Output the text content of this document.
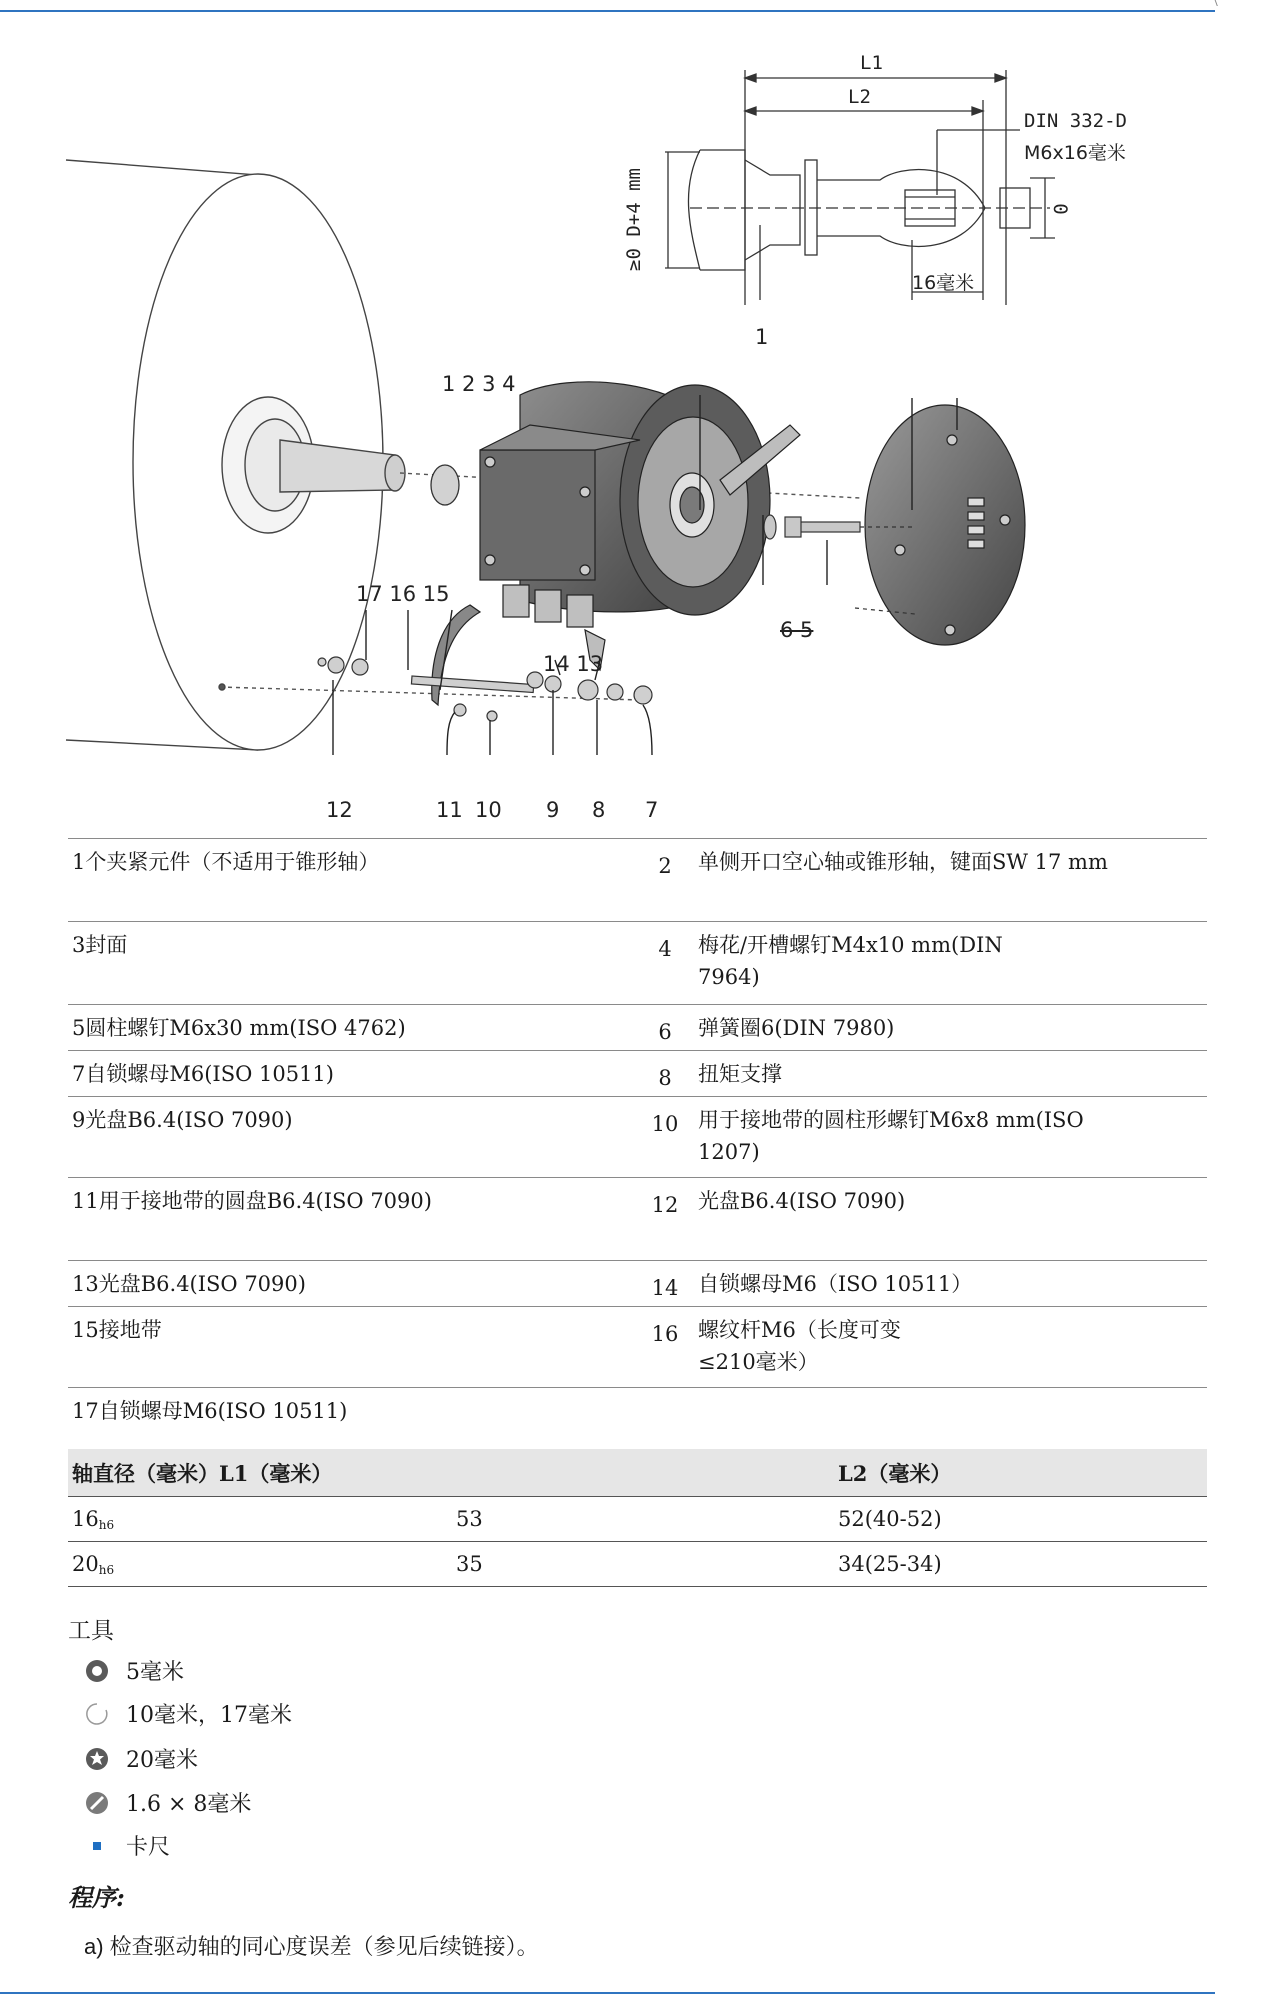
L1
L2
DIN 332-D
M6x16毫米
≥0 D+4 mm	0
16毫米
1
1 2 3 4
17 16 15
14 13
6 5
12	11 10 9 8 7
1个夹紧元件（不适用于锥形轴）	2	单侧开口空心轴或锥形轴，键面SW 17 mm
3封面	4	梅花/开槽螺钉M4x10 mm(DIN 7964)
5圆柱螺钉M6x30 mm(ISO 4762)	6	弹簧圈6(DIN 7980)
7自锁螺母M6(ISO 10511)	8	扭矩支撑
9光盘B6.4(ISO 7090)	10 用于接地带的圆柱形螺钉M6x8 mm(ISO 1207)
11用于接地带的圆盘B6.4(ISO 7090)	12 光盘B6.4(ISO 7090)
13光盘B6.4(ISO 7090)	14 自锁螺母M6（ISO 10511）
15接地带	16 螺纹杆M6（长度可变 ≤210毫米）
17自锁螺母M6(ISO 10511)
轴直径（毫米）L1（毫米）		L2（毫米）
$16_{h6}$	53	52(40-52)
$20_{h6}$	35	34(25-34)
工具
5毫米
10毫米，17毫米
20毫米
1.6 × 8毫米
卡尺
程序:
a) 检查驱动轴的同心度误差（参见后续链接）。
